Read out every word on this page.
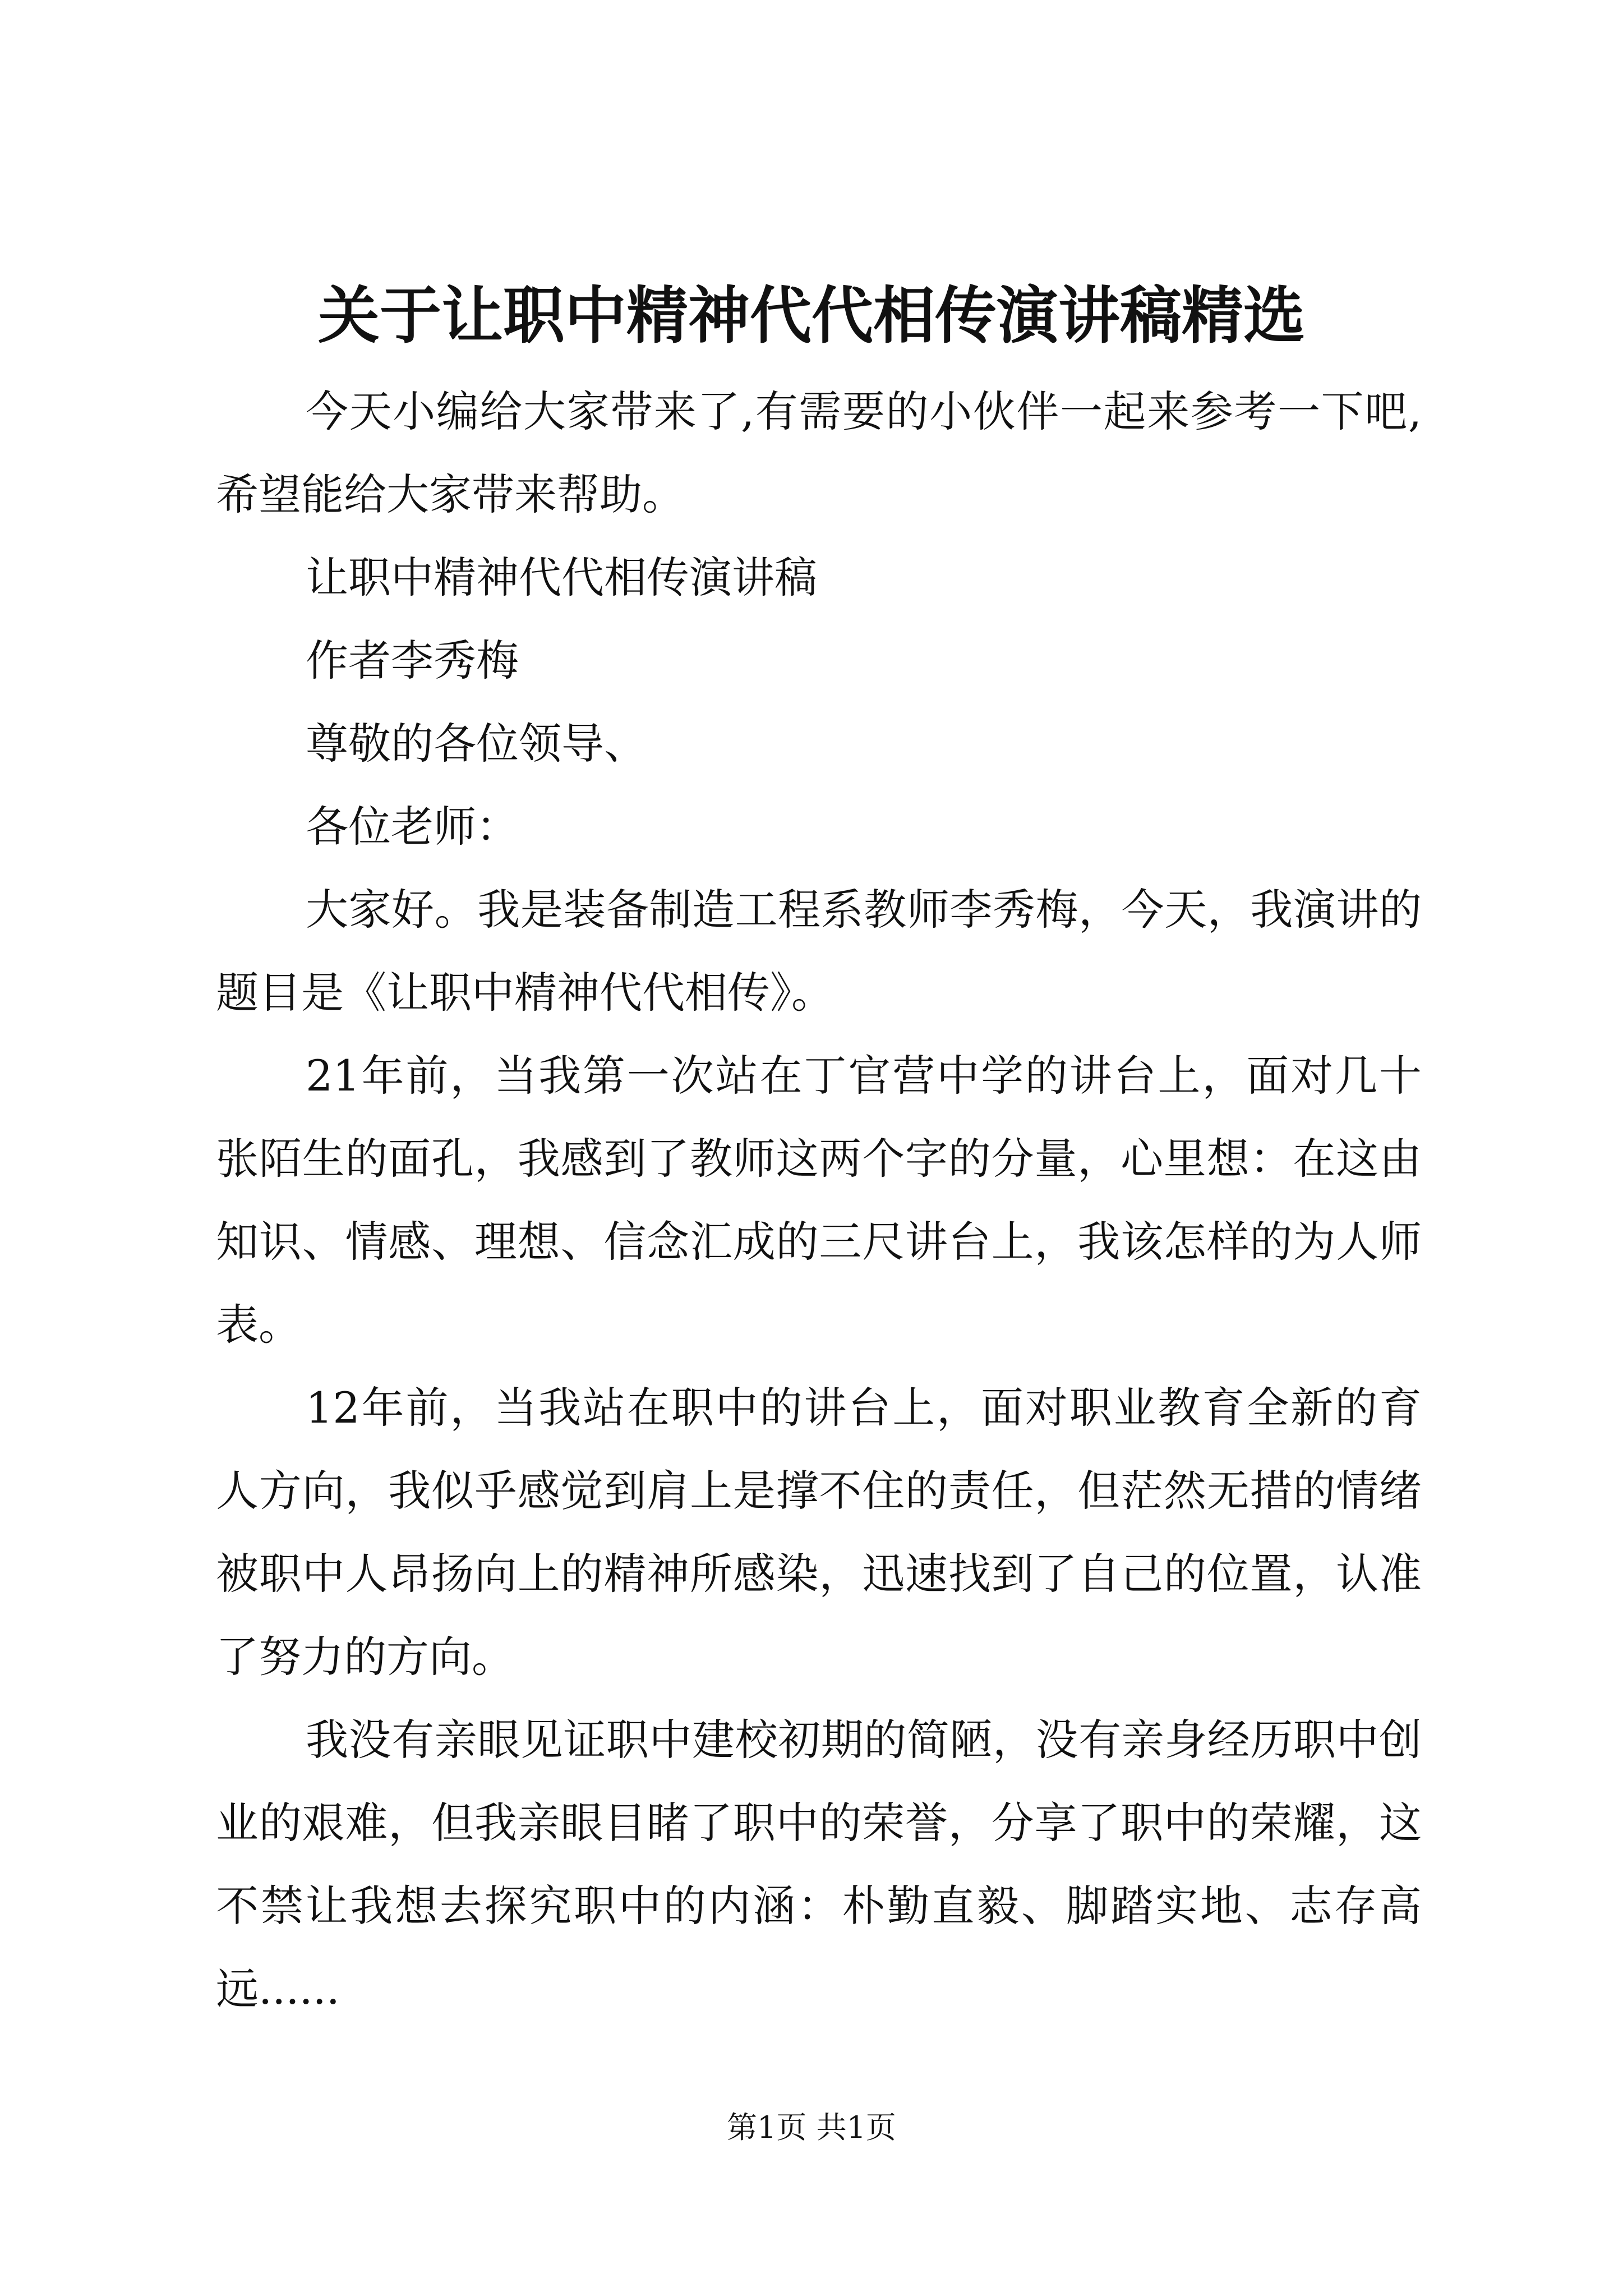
关于让职中精神代代相传演讲稿精选

今天小编给大家带来了,有需要的小伙伴一起来参考一下吧,希望能给大家带来帮助。

让职中精神代代相传演讲稿

作者李秀梅

尊敬的各位领导、

各位老师：

大家好。我是装备制造工程系教师李秀梅，今天，我演讲的题目是《让职中精神代代相传》。

21年前，当我第一次站在丁官营中学的讲台上，面对几十张陌生的面孔，我感到了教师这两个字的分量，心里想：在这由知识、情感、理想、信念汇成的三尺讲台上，我该怎样的为人师表。

12年前，当我站在职中的讲台上，面对职业教育全新的育人方向，我似乎感觉到肩上是撑不住的责任，但茫然无措的情绪被职中人昂扬向上的精神所感染，迅速找到了自己的位置，认准了努力的方向。

我没有亲眼见证职中建校初期的简陋，没有亲身经历职中创业的艰难，但我亲眼目睹了职中的荣誉，分享了职中的荣耀，这不禁让我想去探究职中的内涵：朴勤直毅、脚踏实地、志存高远......

第1页 共1页
